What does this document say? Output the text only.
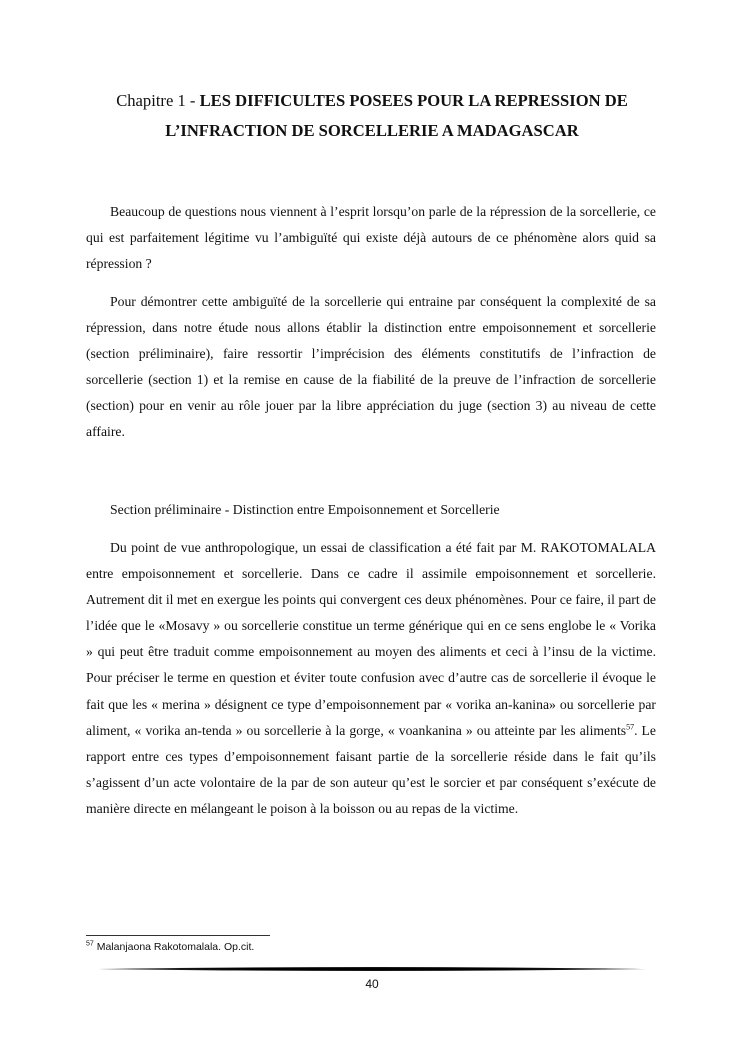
Chapitre 1 - LES DIFFICULTES POSEES POUR LA REPRESSION DE
L’INFRACTION DE SORCELLERIE A MADAGASCAR

Beaucoup de questions nous viennent à l’esprit lorsqu’on parle de la répression de la sorcellerie, ce qui est parfaitement légitime vu l’ambiguïté qui existe déjà autours de ce phénomène alors quid sa répression ?

Pour démontrer cette ambiguïté de la sorcellerie qui entraine par conséquent la complexité de sa répression, dans notre étude nous allons établir la distinction entre empoisonnement et sorcellerie (section préliminaire), faire ressortir l’imprécision des éléments constitutifs de l’infraction de sorcellerie (section 1) et la remise en cause de la fiabilité de la preuve de l’infraction de sorcellerie (section) pour en venir au rôle jouer par la libre appréciation du juge (section 3) au niveau de cette affaire.

Section préliminaire - Distinction entre Empoisonnement et Sorcellerie

Du point de vue anthropologique, un essai de classification a été fait par M. RAKOTOMALALA entre empoisonnement et sorcellerie. Dans ce cadre il assimile empoisonnement et sorcellerie. Autrement dit il met en exergue les points qui convergent ces deux phénomènes. Pour ce faire, il part de l’idée que le «Mosavy » ou sorcellerie constitue un terme générique qui en ce sens englobe le « Vorika » qui peut être traduit comme empoisonnement au moyen des aliments et ceci à l’insu de la victime. Pour préciser le terme en question et éviter toute confusion avec d’autre cas de sorcellerie il évoque le fait que les « merina » désignent ce type d’empoisonnement par « vorika an-kanina» ou sorcellerie par aliment, « vorika an-tenda » ou sorcellerie à la gorge, « voankanina » ou atteinte par les aliments$^{57}$. Le rapport entre ces types d’empoisonnement faisant partie de la sorcellerie réside dans le fait qu’ils s’agissent d’un acte volontaire de la par de son auteur qu’est le sorcier et par conséquent s’exécute de manière directe en mélangeant le poison à la boisson ou au repas de la victime.

$^{57}$ Malanjaona Rakotomalala. Op.cit.
40
